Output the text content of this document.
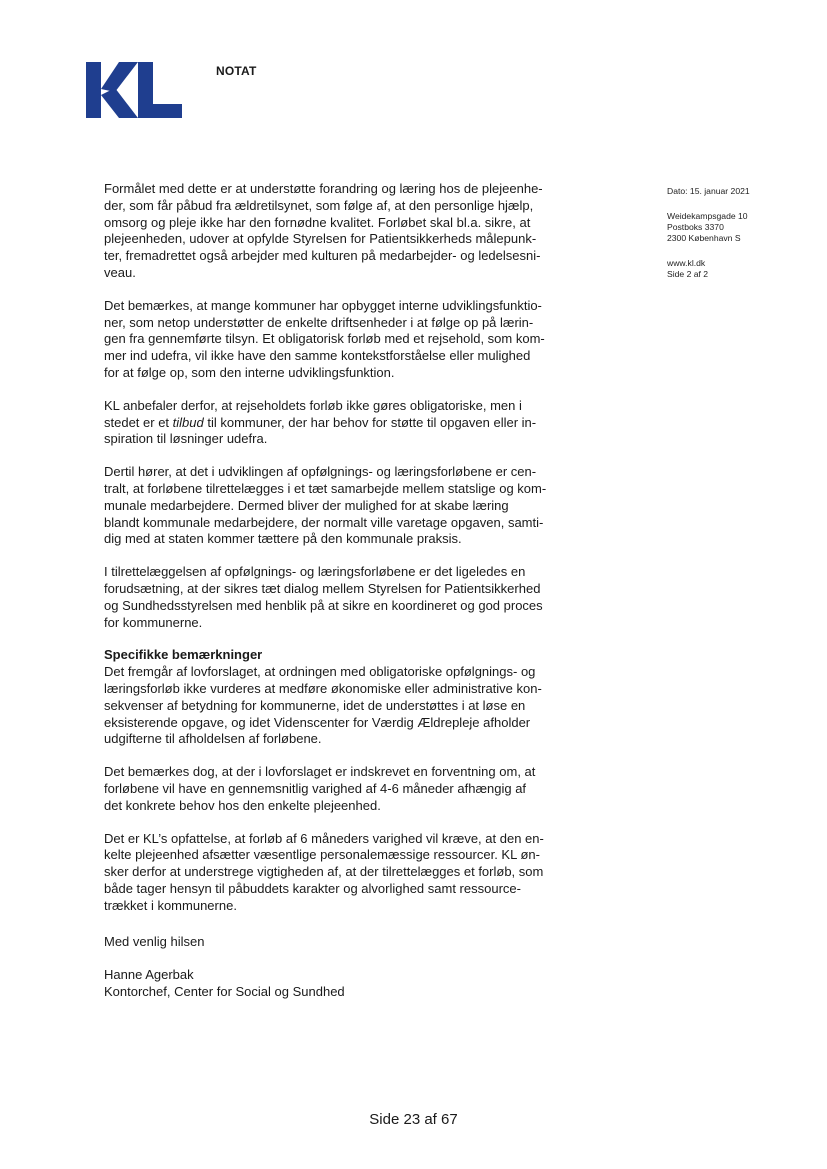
NOTAT
Dato: 15. januar 2021
Weidekampsgade 10
Postboks 3370
2300 København S
www.kl.dk
Side 2 af 2

Formålet med dette er at understøtte forandring og læring hos de plejeenhe-
der, som får påbud fra ældretilsynet, som følge af, at den personlige hjælp,
omsorg og pleje ikke har den fornødne kvalitet. Forløbet skal bl.a. sikre, at
plejeenheden, udover at opfylde Styrelsen for Patientsikkerheds målepunk-
ter, fremadrettet også arbejder med kulturen på medarbejder- og ledelsesni-
veau.

Det bemærkes, at mange kommuner har opbygget interne udviklingsfunktio-
ner, som netop understøtter de enkelte driftsenheder i at følge op på lærin-
gen fra gennemførte tilsyn. Et obligatorisk forløb med et rejsehold, som kom-
mer ind udefra, vil ikke have den samme kontekstforståelse eller mulighed
for at følge op, som den interne udviklingsfunktion.

KL anbefaler derfor, at rejseholdets forløb ikke gøres obligatoriske, men i
stedet er et tilbud til kommuner, der har behov for støtte til opgaven eller in-
spiration til løsninger udefra.

Dertil hører, at det i udviklingen af opfølgnings- og læringsforløbene er cen-
tralt, at forløbene tilrettelægges i et tæt samarbejde mellem statslige og kom-
munale medarbejdere. Dermed bliver der mulighed for at skabe læring
blandt kommunale medarbejdere, der normalt ville varetage opgaven, samti-
dig med at staten kommer tættere på den kommunale praksis.

I tilrettelæggelsen af opfølgnings- og læringsforløbene er det ligeledes en
forudsætning, at der sikres tæt dialog mellem Styrelsen for Patientsikkerhed
og Sundhedsstyrelsen med henblik på at sikre en koordineret og god proces
for kommunerne.

Specifikke bemærkninger
Det fremgår af lovforslaget, at ordningen med obligatoriske opfølgnings- og
læringsforløb ikke vurderes at medføre økonomiske eller administrative kon-
sekvenser af betydning for kommunerne, idet de understøttes i at løse en
eksisterende opgave, og idet Videnscenter for Værdig Ældrepleje afholder
udgifterne til afholdelsen af forløbene.

Det bemærkes dog, at der i lovforslaget er indskrevet en forventning om, at
forløbene vil have en gennemsnitlig varighed af 4-6 måneder afhængig af
det konkrete behov hos den enkelte plejeenhed.

Det er KL’s opfattelse, at forløb af 6 måneders varighed vil kræve, at den en-
kelte plejeenhed afsætter væsentlige personalemæssige ressourcer. KL øn-
sker derfor at understrege vigtigheden af, at der tilrettelægges et forløb, som
både tager hensyn til påbuddets karakter og alvorlighed samt ressource-
trækket i kommunerne.

Med venlig hilsen

Hanne Agerbak
Kontorchef, Center for Social og Sundhed
Side 23 af 67
